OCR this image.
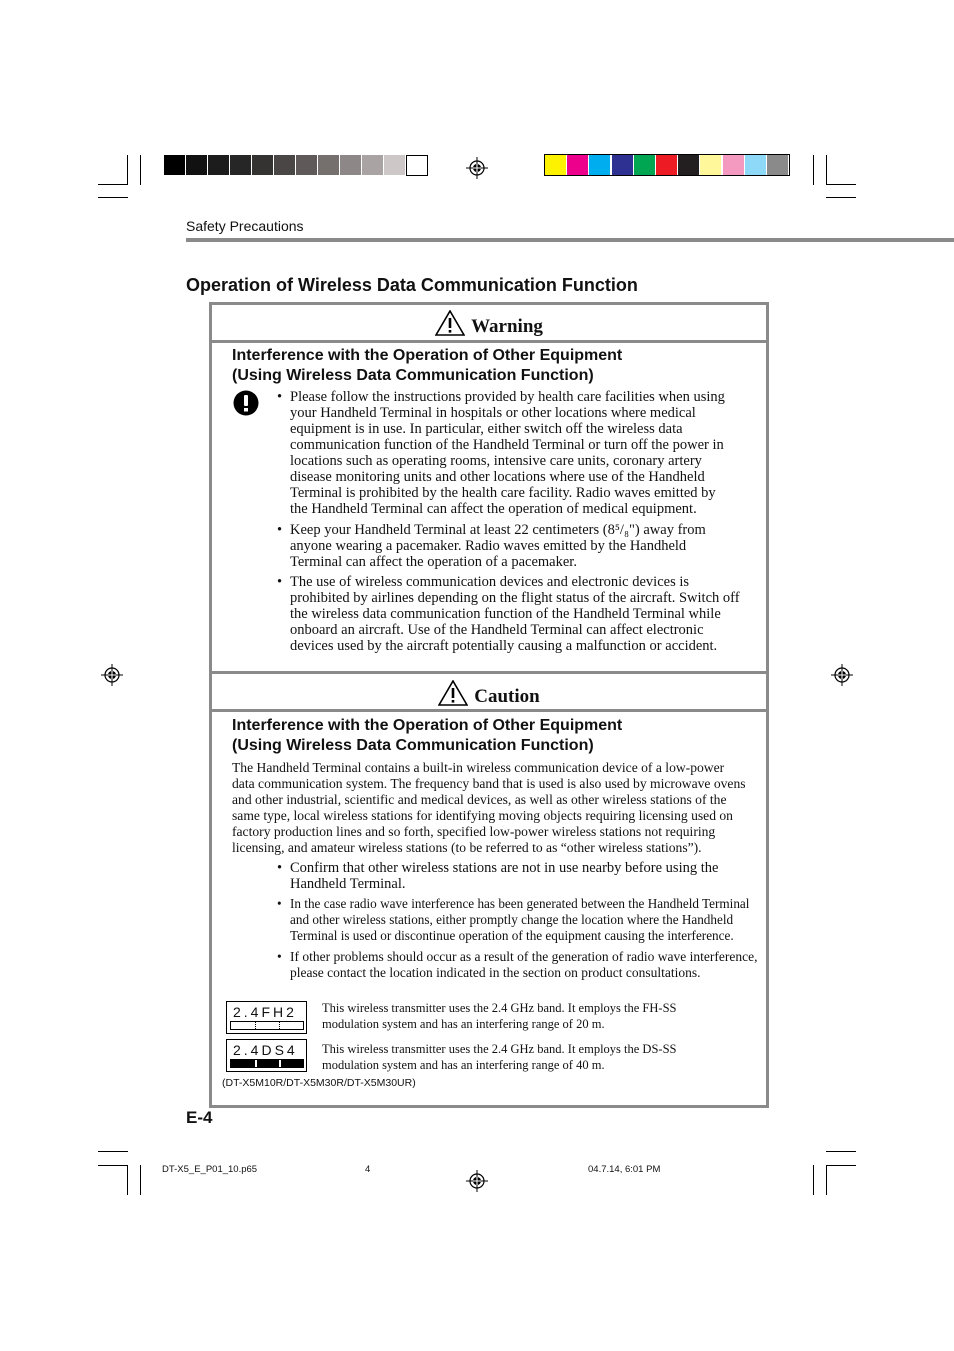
Safety Precautions
Operation of Wireless Data Communication Function
Warning
Interference with the Operation of Other Equipment
(Using Wireless Data Communication Function)
• Please follow the instructions provided by health care facilities when using
your Handheld Terminal in hospitals or other locations where medical
equipment is in use. In particular, either switch off the wireless data
communication function of the Handheld Terminal or turn off the power in
locations such as operating rooms, intensive care units, coronary artery
disease monitoring units and other locations where use of the Handheld
Terminal is prohibited by the health care facility. Radio waves emitted by
the Handheld Terminal can affect the operation of medical equipment.
• Keep your Handheld Terminal at least 22 centimeters (8⁵/₈") away from
anyone wearing a pacemaker. Radio waves emitted by the Handheld
Terminal can affect the operation of a pacemaker.
• The use of wireless communication devices and electronic devices is
prohibited by airlines depending on the flight status of the aircraft. Switch off
the wireless data communication function of the Handheld Terminal while
onboard an aircraft. Use of the Handheld Terminal can affect electronic
devices used by the aircraft potentially causing a malfunction or accident.
Caution
Interference with the Operation of Other Equipment
(Using Wireless Data Communication Function)
The Handheld Terminal contains a built-in wireless communication device of a low-power
data communication system. The frequency band that is used is also used by microwave ovens
and other industrial, scientific and medical devices, as well as other wireless stations of the
same type, local wireless stations for identifying moving objects requiring licensing used on
factory production lines and so forth, specified low-power wireless stations not requiring
licensing, and amateur wireless stations (to be referred to as “other wireless stations”).
• Confirm that other wireless stations are not in use nearby before using the
Handheld Terminal.
• In the case radio wave interference has been generated between the Handheld Terminal
and other wireless stations, either promptly change the location where the Handheld
Terminal is used or discontinue operation of the equipment causing the interference.
• If other problems should occur as a result of the generation of radio wave interference,
please contact the location indicated in the section on product consultations.
2.4FH2 This wireless transmitter uses the 2.4 GHz band. It employs the FH-SS
modulation system and has an interfering range of 20 m.
2.4DS4 This wireless transmitter uses the 2.4 GHz band. It employs the DS-SS
modulation system and has an interfering range of 40 m.
(DT-X5M10R/DT-X5M30R/DT-X5M30UR)
E-4
DT-X5_E_P01_10.p65	4	04.7.14, 6:01 PM
